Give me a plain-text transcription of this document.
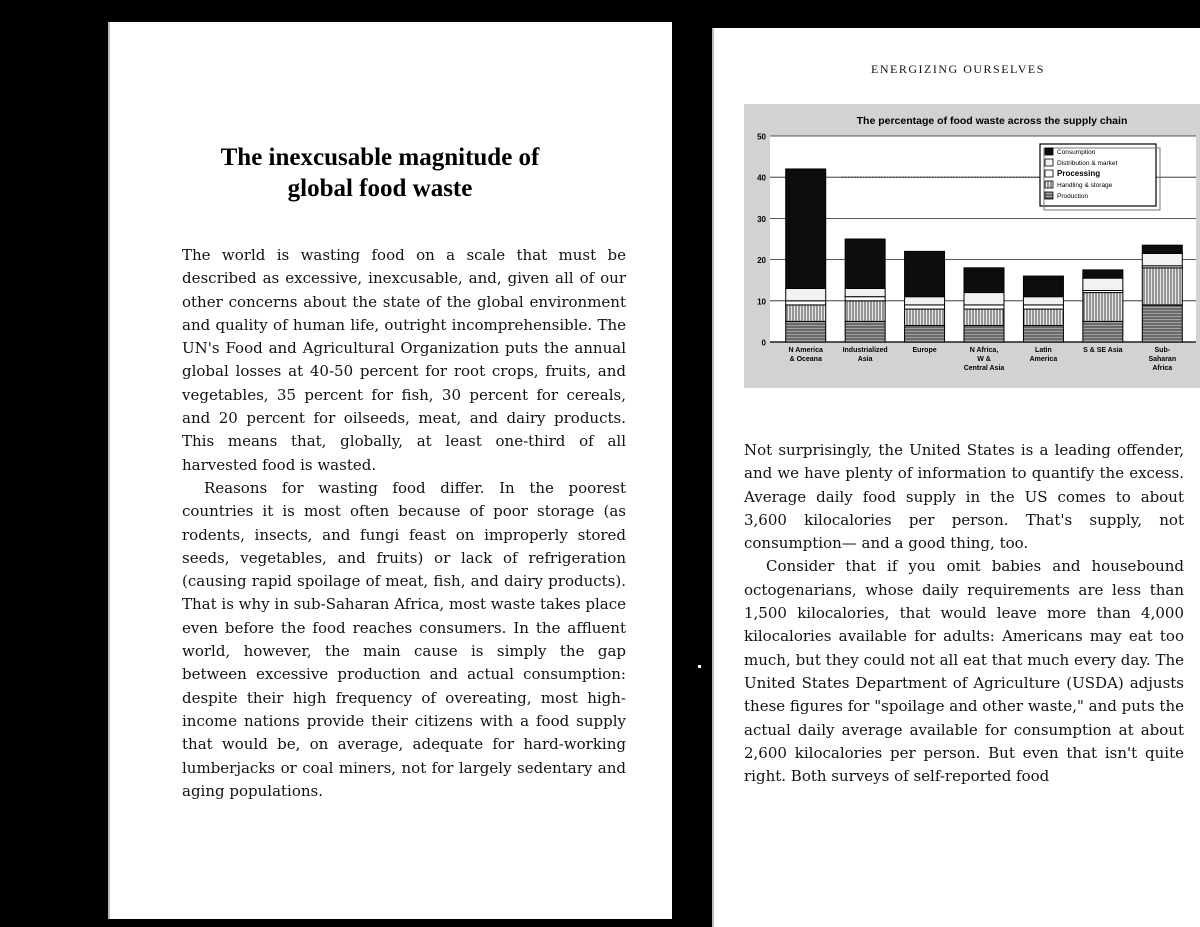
The inexcusable magnitude of
global food waste

The world is wasting food on a scale that must be described as excessive, inexcusable, and, given all of our other concerns about the state of the global environment and quality of human life, outright incomprehensible. The UN's Food and Agricultural Organization puts the annual global losses at 40-50 percent for root crops, fruits, and vegetables, 35 percent for fish, 30 percent for cereals, and 20 percent for oilseeds, meat, and dairy products. This means that, globally, at least one-third of all harvested food is wasted.

Reasons for wasting food differ. In the poorest countries it is most often because of poor storage (as rodents, insects, and fungi feast on improperly stored seeds, vegetables, and fruits) or lack of refrigeration (causing rapid spoilage of meat, fish, and dairy products). That is why in sub-Saharan Africa, most waste takes place even before the food reaches consumers. In the affluent world, however, the main cause is simply the gap between excessive production and actual consumption: despite their high frequency of overeating, most high-income nations provide their citizens with a food supply that would be, on average, adequate for hard-working lumberjacks or coal miners, not for largely sedentary and aging populations.

ENERGIZING OURSELVES
0
10
20
30
40
50
N America
& Oceana
Industrialized
Asia
Europe	N Africa,
W &
Central Asia
Latin
America
S & SE Asia	Sub-
Saharan
Africa
The percentage of food waste across the supply chain
Consumption
Distribution & market
Processing
Handling & storage
Production

Not surprisingly, the United States is a leading offender, and we have plenty of information to quantify the excess. Average daily food supply in the US comes to about 3,600 kilocalories per person. That's supply, not consumption— and a good thing, too.

Consider that if you omit babies and housebound octogenarians, whose daily requirements are less than 1,500 kilocalories, that would leave more than 4,000 kilocalories available for adults: Americans may eat too much, but they could not all eat that much every day. The United States Department of Agriculture (USDA) adjusts these figures for "spoilage and other waste," and puts the actual daily average available for consumption at about 2,600 kilocalories per person. But even that isn't quite right. Both surveys of self-reported food
